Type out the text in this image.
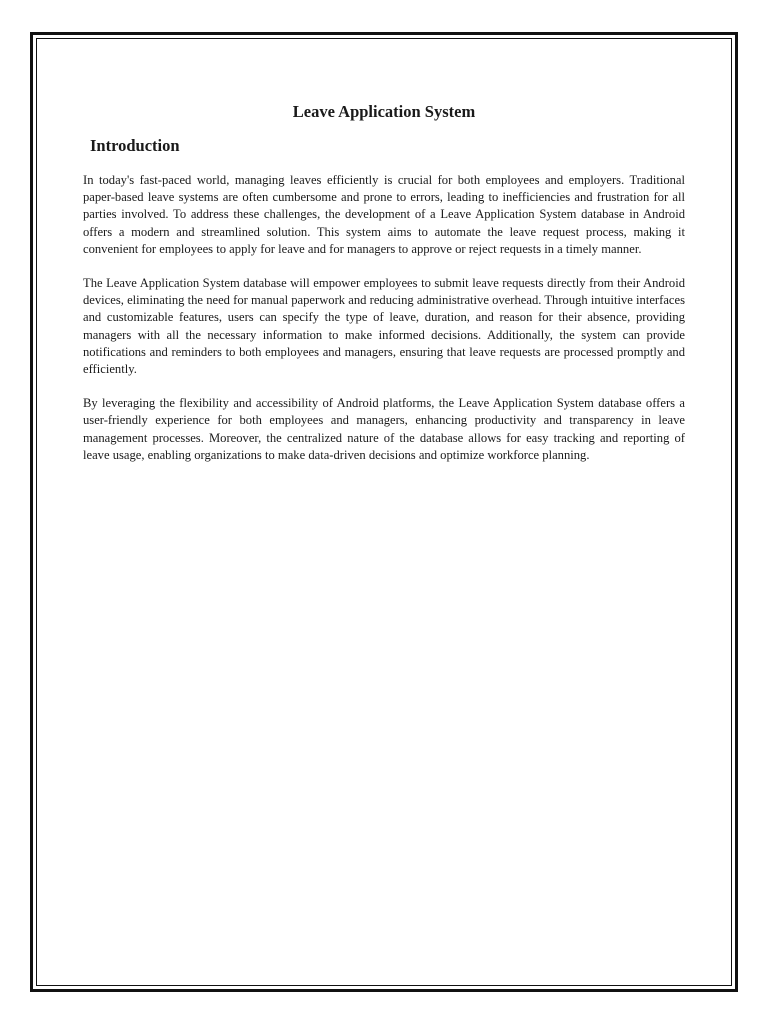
Leave Application System
Introduction

In today's fast-paced world, managing leaves efficiently is crucial for both employees and employers. Traditional paper-based leave systems are often cumbersome and prone to errors, leading to inefficiencies and frustration for all parties involved. To address these challenges, the development of a Leave Application System database in Android offers a modern and streamlined solution. This system aims to automate the leave request process, making it convenient for employees to apply for leave and for managers to approve or reject requests in a timely manner.

The Leave Application System database will empower employees to submit leave requests directly from their Android devices, eliminating the need for manual paperwork and reducing administrative overhead. Through intuitive interfaces and customizable features, users can specify the type of leave, duration, and reason for their absence, providing managers with all the necessary information to make informed decisions. Additionally, the system can provide notifications and reminders to both employees and managers, ensuring that leave requests are processed promptly and efficiently.

By leveraging the flexibility and accessibility of Android platforms, the Leave Application System database offers a user-friendly experience for both employees and managers, enhancing productivity and transparency in leave management processes. Moreover, the centralized nature of the database allows for easy tracking and reporting of leave usage, enabling organizations to make data-driven decisions and optimize workforce planning.
